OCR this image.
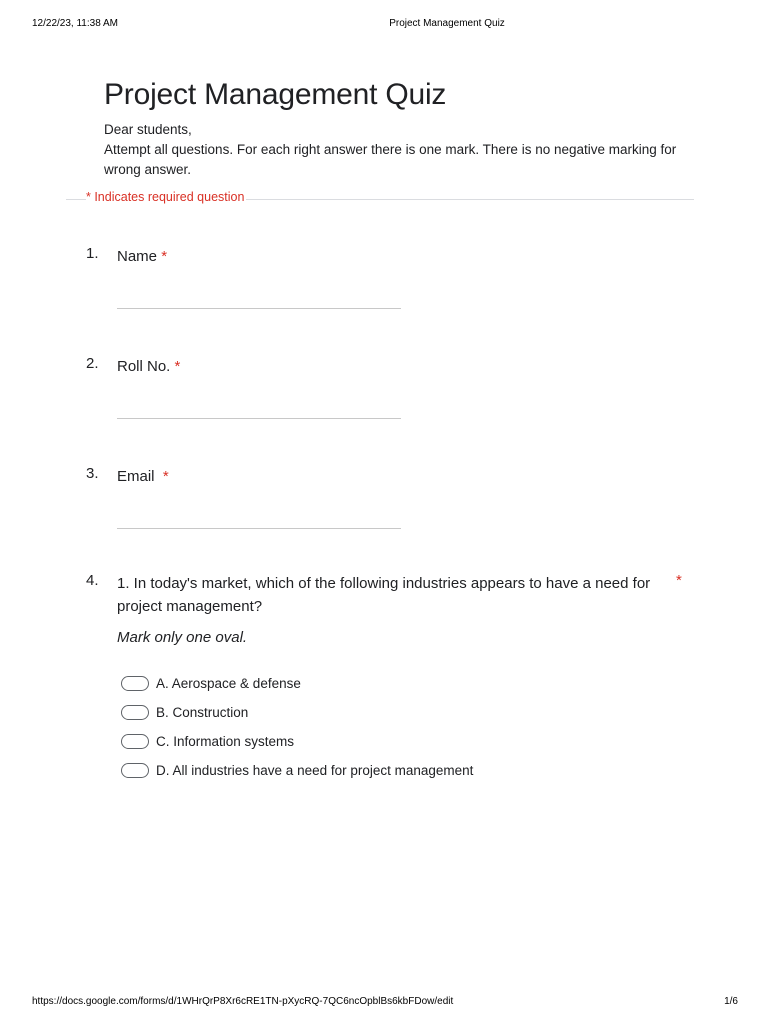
12/22/23, 11:38 AM	Project Management Quiz
Project Management Quiz
Dear students,
Attempt all questions. For each right answer there is one mark. There is no negative marking for wrong answer.
* Indicates required question
1. Name *
2. Roll No. *
3. Email *
4. 1. In today's market, which of the following industries appears to have a need for project management?
*
Mark only one oval.
A. Aerospace & defense
B. Construction
C. Information systems
D. All industries have a need for project management
https://docs.google.com/forms/d/1WHrQrP8Xr6cRE1TN-pXycRQ-7QC6ncOpblBs6kbFDow/edit	1/6
